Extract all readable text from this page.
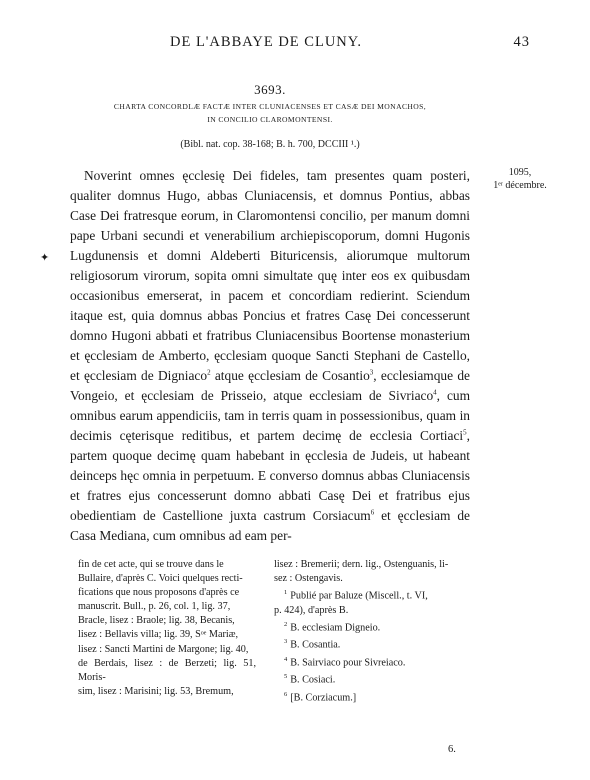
DE L'ABBAYE DE CLUNY.	43
3693.
CHARTA CONCORDLÆ FACTÆ INTER CLUNIACENSES ET CASÆ DEI MONACHOS,
IN CONCILIO CLAROMONTENSI.
(Bibl. nat. cop. 38-168; B. h. 700, DCCIII ¹.)
1095,
1ᵉʳ décembre.
✦

Noverint omnes ęcclesię Dei fideles, tam presentes quam posteri, qualiter domnus Hugo, abbas Cluniacensis, et domnus Pontius, abbas Case Dei fratresque eorum, in Claromontensi concilio, per manum domni pape Urbani secundi et venerabilium archiepiscoporum, domni Hugonis Lugdunensis et domni Aldeberti Bituricensis, aliorumque multorum religiosorum virorum, sopita omni simultate quę inter eos ex quibusdam occasionibus emerserat, in pacem et concordiam redierint. Sciendum itaque est, quia domnus abbas Poncius et fratres Casę Dei concesserunt domno Hugoni abbati et fratribus Cluniacensibus Boortense monasterium et ęcclesiam de Amberto, ęcclesiam quoque Sancti Stephani de Castello, et ęcclesiam de Digniaco$^2$ atque ęcclesiam de Cosantio$^3$, ecclesiamque de Vongeio, et ęcclesiam de Prisseio, atque ecclesiam de Sivriaco$^4$, cum omnibus earum appendiciis, tam in terris quam in possessionibus, quam in decimis cęterisque reditibus, et partem decimę de ecclesia Cortiaci$^5$, partem quoque decimę quam habebant in ęcclesia de Judeis, ut habeant deinceps hęc omnia in perpetuum. E converso domnus abbas Cluniacensis et fratres ejus concesserunt domno abbati Casę Dei et fratribus ejus obedientiam de Castellione juxta castrum Corsiacum$^6$ et ęcclesiam de Casa Mediana, cum omnibus ad eam per-

fin de cet acte, qui se trouve dans le
Bullaire, d'après C. Voici quelques recti-
fications que nous proposons d'après ce
manuscrit. Bull., p. 26, col. 1, lig. 37,
Bracle, lisez : Braole; lig. 38, Becanis,
lisez : Bellavis villa; lig. 39, Sᵒᵉ Mariæ,
lisez : Sancti Martini de Margone; lig. 40,
de Berdais, lisez : de Berzeti; lig. 51, Moris-
sim, lisez : Marisini; lig. 53, Bremum,
lisez : Bremerii; dern. lig., Ostenguanis, li-
sez : Ostengavis.
$^1$ Publié par Baluze (Miscell., t. VI,
p. 424), d'après B.
$^2$ B. ecclesiam Digneio.
$^3$ B. Cosantia.
$^4$ B. Sairviaco pour Sivreiaco.
$^5$ B. Cosiaci.
$^6$ [B. Corziacum.]
6.
